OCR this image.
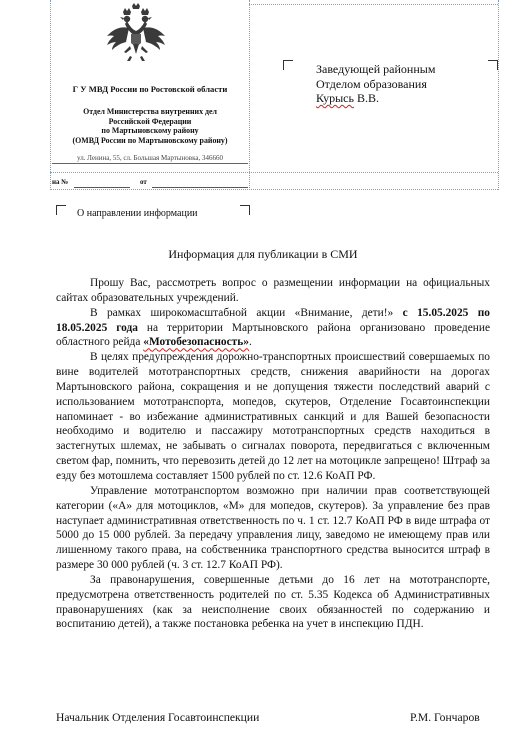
Г У МВД России по Ростовской области
Отдел Министерства внутренних дел
Российской Федерации
по Мартыновскому району
(ОМВД России по Мартыновскому району)
ул. Ленина, 55, сл. Большая Мартыновка, 346660
на №	от
Заведующей районным
Отделом образования
Курысь В.В.
О направлении информации
Информация для публикации в СМИ

Прошу Вас, рассмотреть вопрос о размещении информации на официальных сайтах образовательных учреждений.

В рамках широкомасштабной акции «Внимание, дети!» с 15.05.2025 по 18.05.2025 года на территории Мартыновского района организовано проведение областного рейда «Мотобезопасность».

В целях предупреждения дорожно-транспортных происшествий совершаемых по вине водителей мототранспортных средств, снижения аварийности на дорогах Мартыновского района, сокращения и не допущения тяжести последствий аварий с использованием мототранспорта, мопедов, скутеров, Отделение Госавтоинспекции напоминает - во избежание административных санкций и для Вашей безопасности необходимо и водителю и пассажиру мототранспортных средств находиться в застегнутых шлемах, не забывать о сигналах поворота, передвигаться с включенным светом фар, помнить, что перевозить детей до 12 лет на мотоцикле запрещено! Штраф за езду без мотошлема составляет 1500 рублей по ст. 12.6 КоАП РФ.

Управление мототранспортом возможно при наличии прав соответствующей категории («А» для мотоциклов, «М» для мопедов, скутеров). За управление без прав наступает административная ответственность по ч. 1 ст. 12.7 КоАП РФ в виде штрафа от 5000 до 15 000 рублей. За передачу управления лицу, заведомо не имеющему прав или лишенному такого права, на собственника транспортного средства выносится штраф в размере 30 000 рублей (ч. 3 ст. 12.7 КоАП РФ).

За правонарушения, совершенные детьми до 16 лет на мототранспорте, предусмотрена ответственность родителей по ст. 5.35 Кодекса об Административных правонарушениях (как за неисполнение своих обязанностей по содержанию и воспитанию детей), а также постановка ребенка на учет в инспекцию ПДН.

Начальник Отделения Госавтоинспекции	Р.М. Гончаров
